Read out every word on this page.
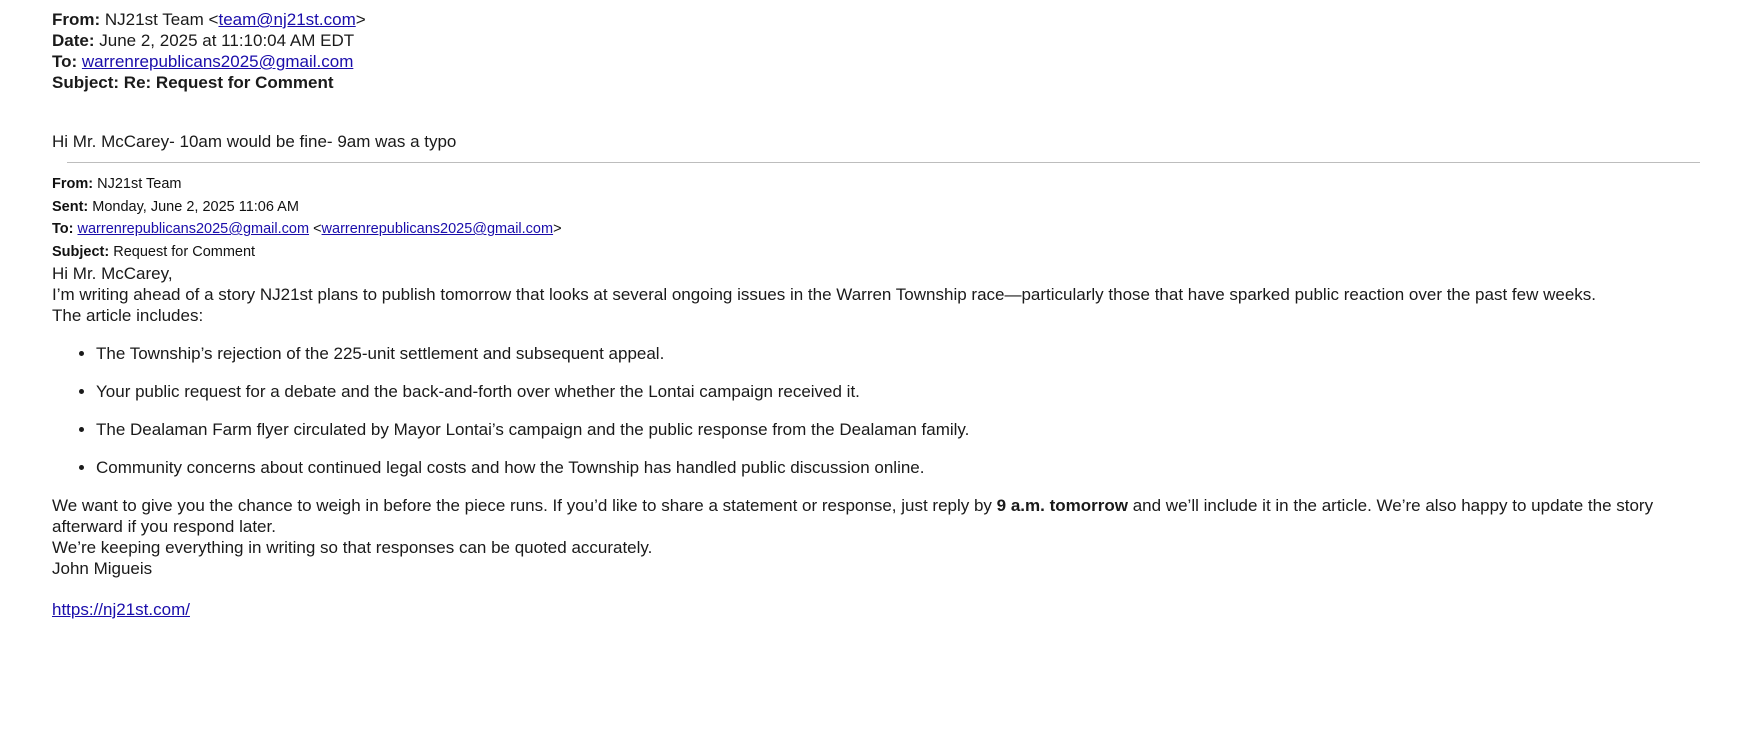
From: NJ21st Team <team@nj21st.com>
Date: June 2, 2025 at 11:10:04 AM EDT
To: warrenrepublicans2025@gmail.com
Subject: Re: Request for Comment
Hi Mr. McCarey- 10am would be fine- 9am was a typo
From: NJ21st Team
Sent: Monday, June 2, 2025 11:06 AM
To: warrenrepublicans2025@gmail.com <warrenrepublicans2025@gmail.com>
Subject: Request for Comment

Hi Mr. McCarey,

I’m writing ahead of a story NJ21st plans to publish tomorrow that looks at several ongoing issues in the Warren Township race—particularly those that have sparked public reaction over the past few weeks.

The article includes:

• The Township’s rejection of the 225-unit settlement and subsequent appeal.
• Your public request for a debate and the back-and-forth over whether the Lontai campaign received it.
• The Dealaman Farm flyer circulated by Mayor Lontai’s campaign and the public response from the Dealaman family.
• Community concerns about continued legal costs and how the Township has handled public discussion online.

We want to give you the chance to weigh in before the piece runs. If you’d like to share a statement or response, just reply by 9 a.m. tomorrow and we’ll include it in the article. We’re also happy to update the story afterward if you respond later.

We’re keeping everything in writing so that responses can be quoted accurately.

John Migueis

https://nj21st.com/
